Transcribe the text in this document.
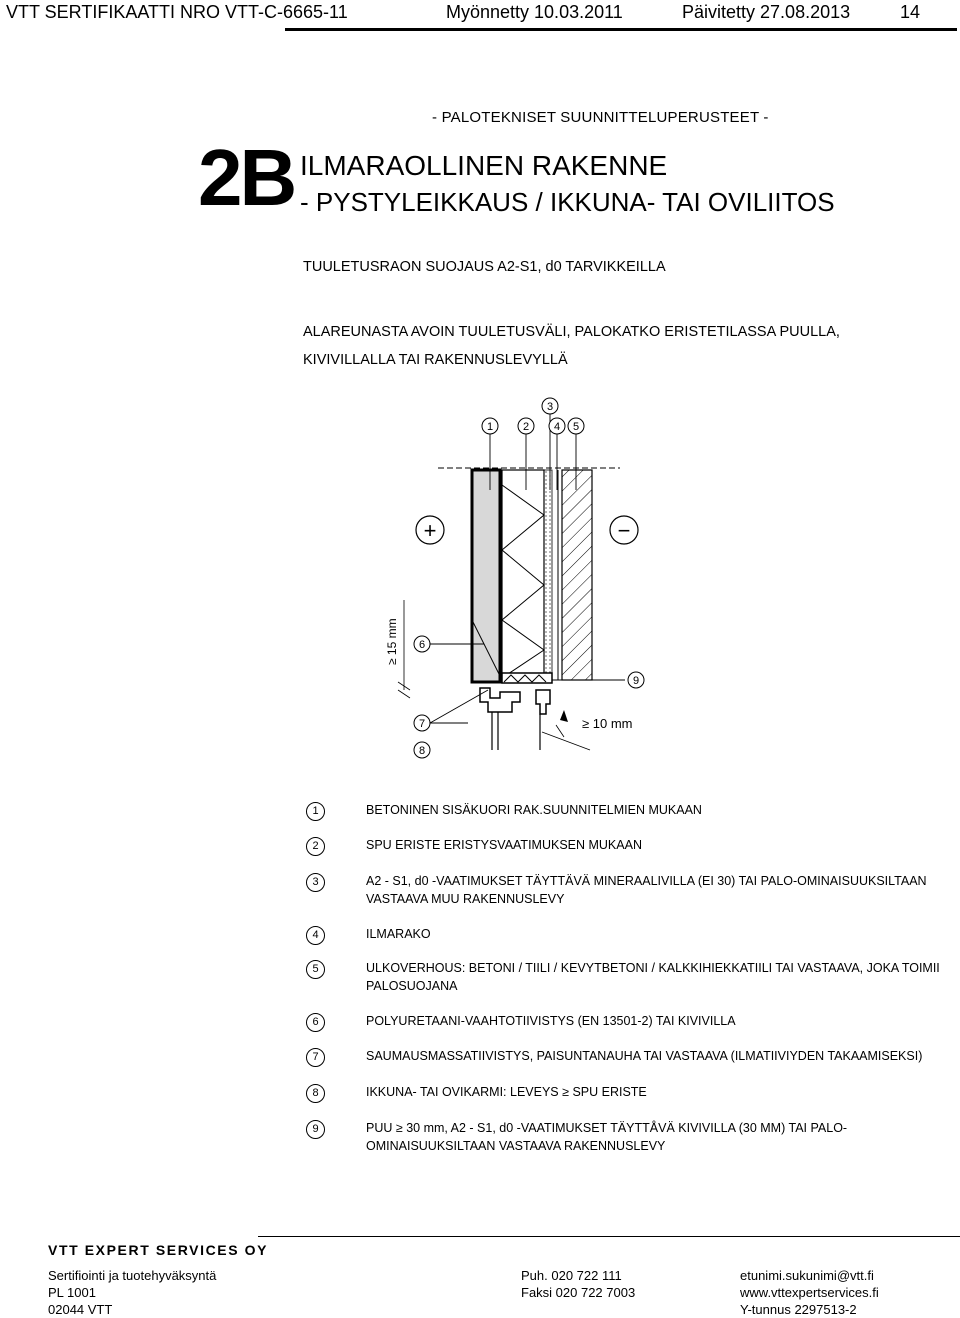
VTT SERTIFIKAATTI NRO VTT-C-6665-11	Myönnetty 10.03.2011	Päivitetty 27.08.2013	14
- PALOTEKNISET SUUNNITTELUPERUSTEET -
2B ILMARAOLLINEN RAKENNE
- PYSTYLEIKKAUS / IKKUNA- TAI OVILIITOS
TUULETUSRAON SUOJAUS A2-S1, d0 TARVIKKEILLA
ALAREUNASTA AVOIN TUULETUSVÄLI, PALOKATKO ERISTETILASSA PUULLA, KIVIVILLALLA TAI RAKENNUSLEVYLLÄ
≥ 15 mm
≥ 10 mm
+	−
1	2
3
4 5
6
7
8
9
1	BETONINEN SISÄKUORI RAK.SUUNNITELMIEN MUKAAN
2	SPU ERISTE ERISTYSVAATIMUKSEN MUKAAN
3	A2 - S1, d0 -VAATIMUKSET TÄYTTÄVÄ MINERAALIVILLA (EI 30) TAI PALO-OMINAISUUKSILTAAN VASTAAVA MUU RAKENNUSLEVY
4	ILMARAKO
5	ULKOVERHOUS: BETONI / TIILI / KEVYTBETONI / KALKKIHIEKKATIILI TAI VASTAAVA, JOKA TOIMII PALOSUOJANA
6	POLYURETAANI-VAAHTOTIIVISTYS (EN 13501-2) TAI KIVIVILLA
7	SAUMAUSMASSATIIVISTYS, PAISUNTANAUHA TAI VASTAAVA (ILMATIIVIYDEN TAKAAMISEKSI)
8	IKKUNA- TAI OVIKARMI: LEVEYS ≥ SPU ERISTE
9	PUU ≥ 30 mm, A2 - S1, d0 -VAATIMUKSET TÄYTTÅVÄ KIVIVILLA (30 MM) TAI PALO-OMINAISUUKSILTAAN VASTAAVA RAKENNUSLEVY
VTT EXPERT SERVICES OY
Sertifiointi ja tuotehyväksyntä
PL 1001
02044 VTT
Puh. 020 722 111
Faksi 020 722 7003
etunimi.sukunimi@vtt.fi
www.vttexpertservices.fi
Y-tunnus 2297513-2
